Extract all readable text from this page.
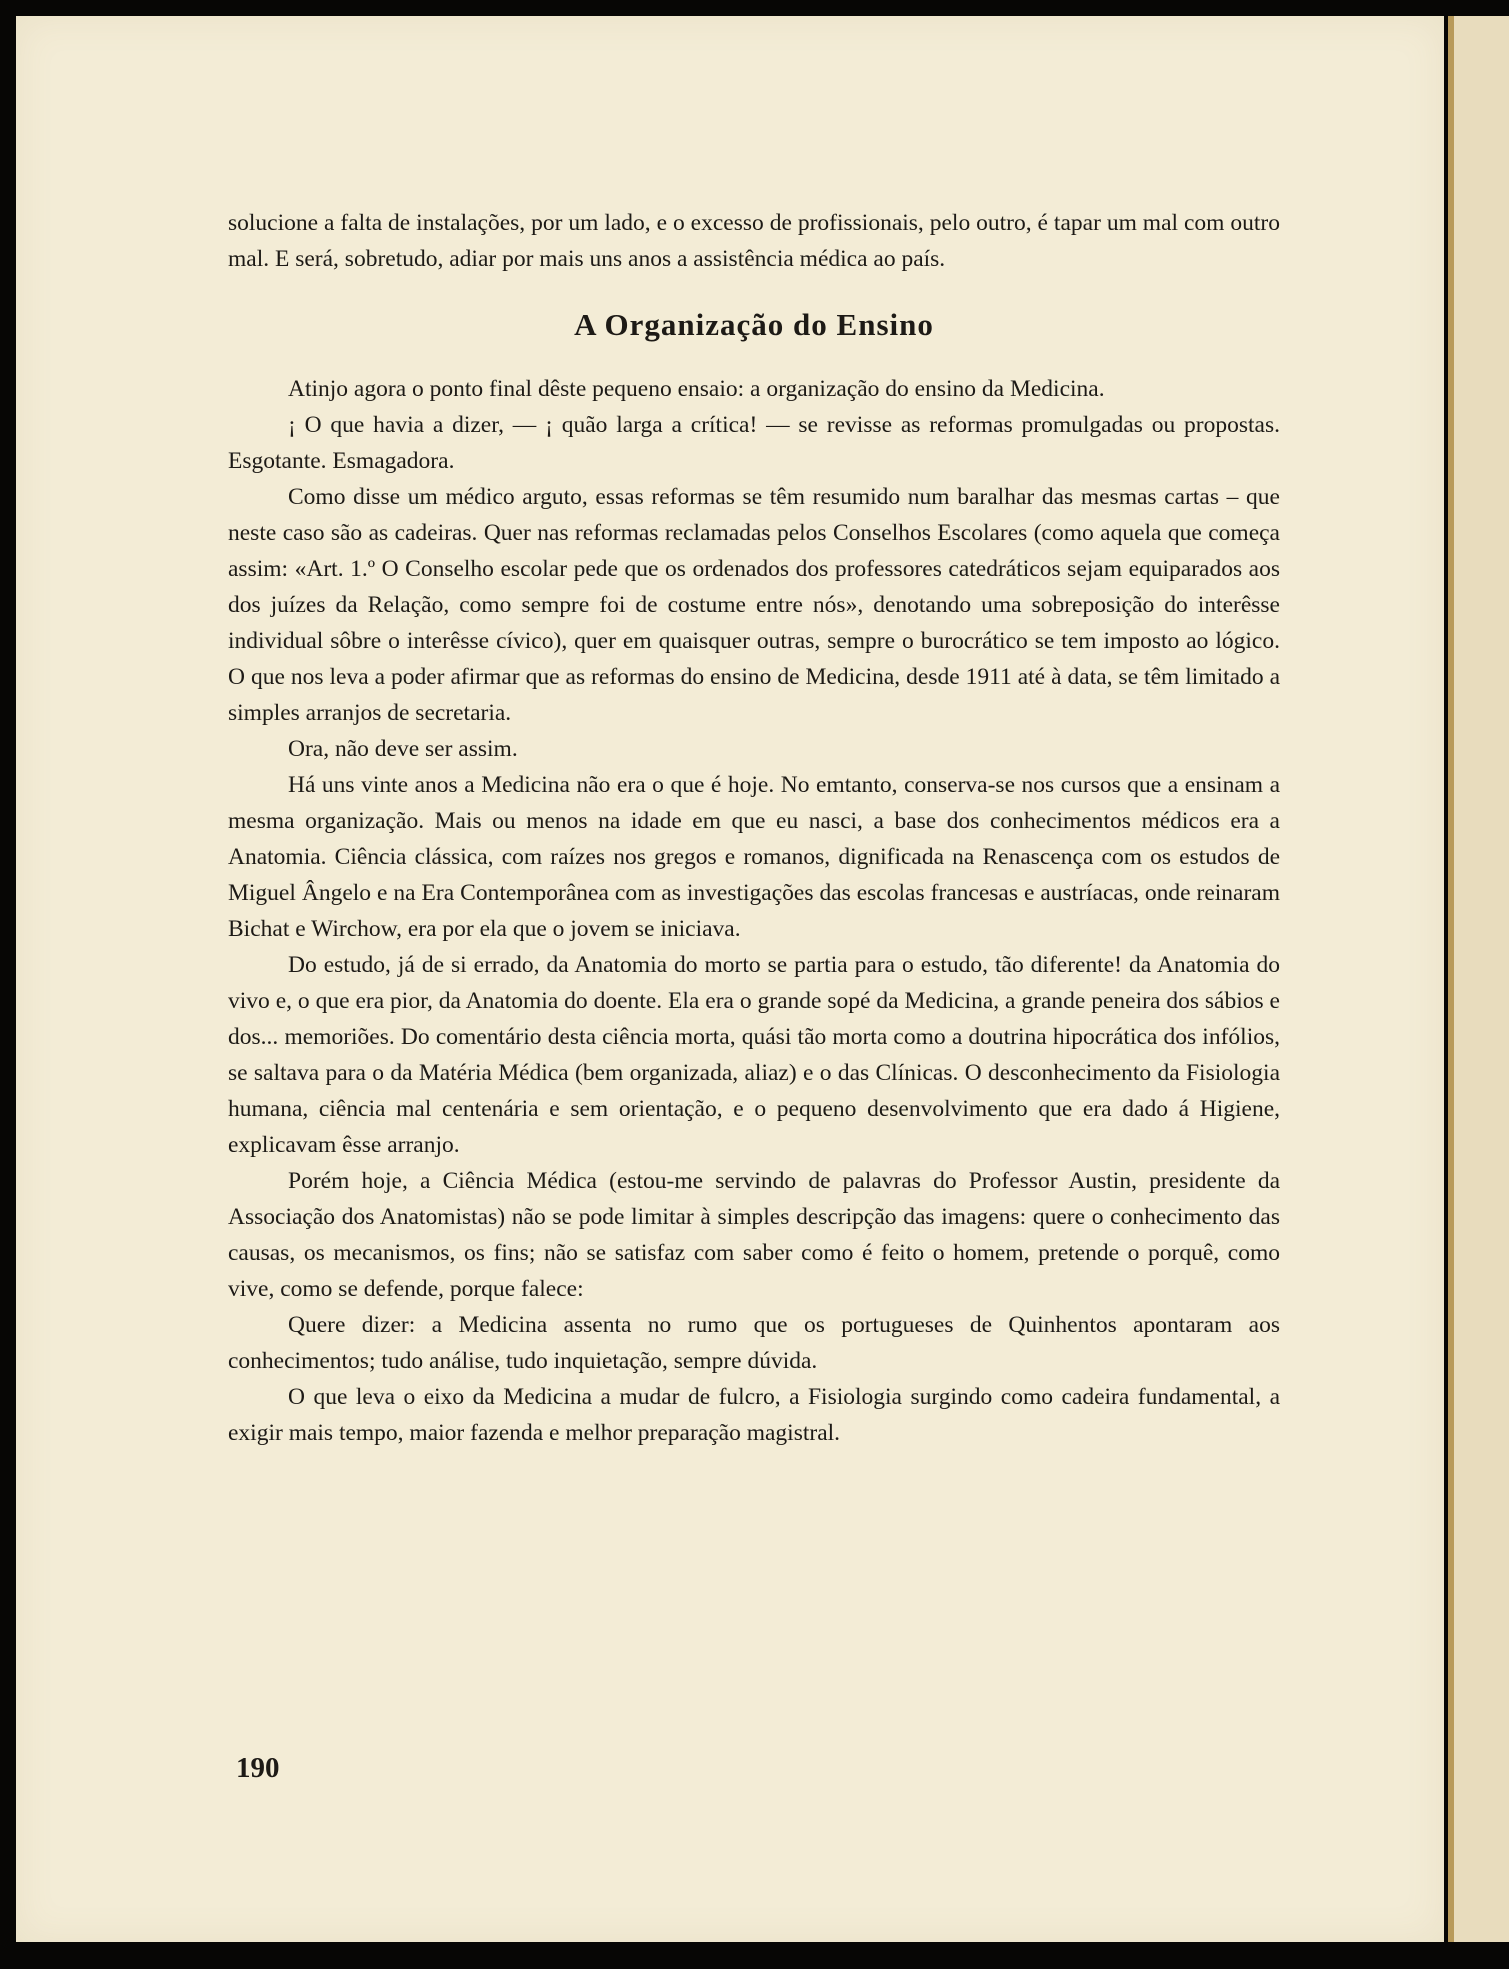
solucione a falta de instalações, por um lado, e o excesso de profissionais, pelo outro, é tapar um mal com outro mal. E será, sobretudo, adiar por mais uns anos a assistência médica ao país.

A Organização do Ensino

Atinjo agora o ponto final dêste pequeno ensaio: a organização do ensino da Medicina.

¡ O que havia a dizer, — ¡ quão larga a crítica! — se revisse as reformas promulgadas ou propostas. Esgotante. Esmagadora.

Como disse um médico arguto, essas reformas se têm resumido num baralhar das mesmas cartas – que neste caso são as cadeiras. Quer nas reformas reclamadas pelos Conselhos Escolares (como aquela que começa assim: «Art. 1.º O Conselho escolar pede que os ordenados dos professores catedráticos sejam equiparados aos dos juízes da Relação, como sempre foi de costume entre nós», denotando uma sobreposição do interêsse individual sôbre o interêsse cívico), quer em quaisquer outras, sempre o burocrático se tem imposto ao lógico. O que nos leva a poder afirmar que as reformas do ensino de Medicina, desde 1911 até à data, se têm limitado a simples arranjos de secretaria.

Ora, não deve ser assim.

Há uns vinte anos a Medicina não era o que é hoje. No emtanto, conserva-se nos cursos que a ensinam a mesma organização. Mais ou menos na idade em que eu nasci, a base dos conhecimentos médicos era a Anatomia. Ciência clássica, com raízes nos gregos e romanos, dignificada na Renascença com os estudos de Miguel Ângelo e na Era Contemporânea com as investigações das escolas francesas e austríacas, onde reinaram Bichat e Wirchow, era por ela que o jovem se iniciava.

Do estudo, já de si errado, da Anatomia do morto se partia para o estudo, tão diferente! da Anatomia do vivo e, o que era pior, da Anatomia do doente. Ela era o grande sopé da Medicina, a grande peneira dos sábios e dos... memoriões. Do comentário desta ciência morta, quási tão morta como a doutrina hipocrática dos infólios, se saltava para o da Matéria Médica (bem organizada, aliaz) e o das Clínicas. O desconhecimento da Fisiologia humana, ciência mal centenária e sem orientação, e o pequeno desenvolvimento que era dado á Higiene, explicavam êsse arranjo.

Porém hoje, a Ciência Médica (estou-me servindo de palavras do Professor Austin, presidente da Associação dos Anatomistas) não se pode limitar à simples descripção das imagens: quere o conhecimento das causas, os mecanismos, os fins; não se satisfaz com saber como é feito o homem, pretende o porquê, como vive, como se defende, porque falece:

Quere dizer: a Medicina assenta no rumo que os portugueses de Quinhentos apontaram aos conhecimentos; tudo análise, tudo inquietação, sempre dúvida.

O que leva o eixo da Medicina a mudar de fulcro, a Fisiologia surgindo como cadeira fundamental, a exigir mais tempo, maior fazenda e melhor preparação magistral.

190
